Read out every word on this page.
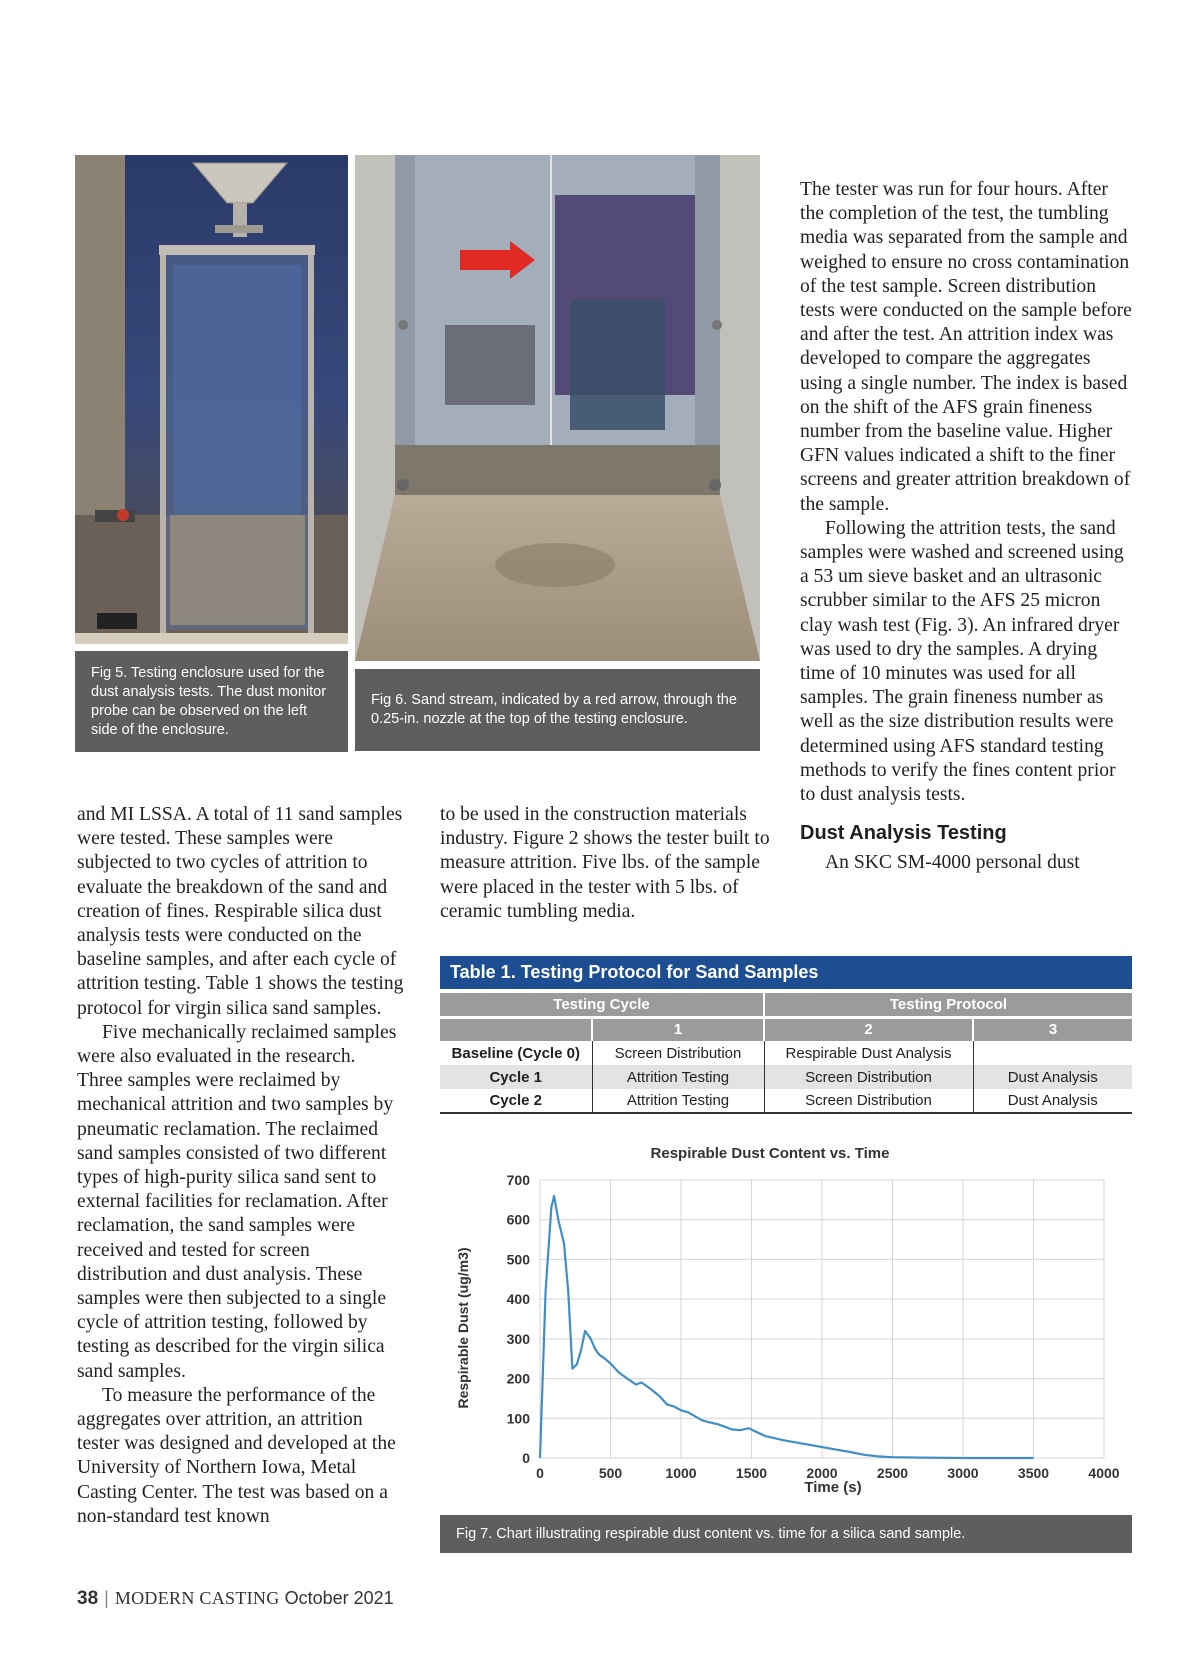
Fig 5. Testing enclosure used for the dust analysis tests. The dust monitor probe can be observed on the left side of the enclosure.
Fig 6. Sand stream, indicated by a red arrow, through the 0.25-in. nozzle at the top of the testing enclosure.

The tester was run for four hours. After the completion of the test, the tumbling media was separated from the sample and weighed to ensure no cross contamination of the test sample. Screen distribution tests were conducted on the sample before and after the test. An attrition index was developed to compare the aggregates using a single number. The index is based on the shift of the AFS grain fineness number from the baseline value. Higher GFN values indicated a shift to the finer screens and greater attrition breakdown of the sample.

Following the attrition tests, the sand samples were washed and screened using a 53 um sieve basket and an ultrasonic scrubber similar to the AFS 25 micron clay wash test (Fig. 3). An infrared dryer was used to dry the samples. A drying time of 10 minutes was used for all samples. The grain fineness number as well as the size distribution results were determined using AFS standard testing methods to verify the fines content prior to dust analysis tests.

Dust Analysis Testing

An SKC SM-4000 personal dust

and MI LSSA. A total of 11 sand samples were tested. These samples were subjected to two cycles of attrition to evaluate the breakdown of the sand and creation of fines. Respirable silica dust analysis tests were conducted on the baseline samples, and after each cycle of attrition testing. Table 1 shows the testing protocol for virgin silica sand samples.

Five mechanically reclaimed samples were also evaluated in the research. Three samples were reclaimed by mechanical attrition and two samples by pneumatic reclamation. The reclaimed sand samples consisted of two different types of high-purity silica sand sent to external facilities for reclamation. After reclamation, the sand samples were received and tested for screen distribution and dust analysis. These samples were then subjected to a single cycle of attrition testing, followed by testing as described for the virgin silica sand samples.

To measure the performance of the aggregates over attrition, an attrition tester was designed and developed at the University of Northern Iowa, Metal Casting Center. The test was based on a non-standard test known

to be used in the construction materials industry. Figure 2 shows the tester built to measure attrition. Five lbs. of the sample were placed in the tester with 5 lbs. of ceramic tumbling media.

Table 1. Testing Protocol for Sand Samples
Testing Cycle		Testing Protocol	
	1	2	3
Baseline (Cycle 0)	Screen Distribution	Respirable Dust Analysis	
Cycle 1	Attrition Testing	Screen Distribution	Dust Analysis
Cycle 2	Attrition Testing	Screen Distribution	Dust Analysis
Respirable Dust Content vs. Time
0
100
200
300
400
500
600
700
0	500	1000	1500	2000	2500	3000	3500	4000
Time (s)
Respirable Dust (ug/m3)
Fig 7. Chart illustrating respirable dust content vs. time for a silica sand sample.
38 | MODERN CASTING October 2021
